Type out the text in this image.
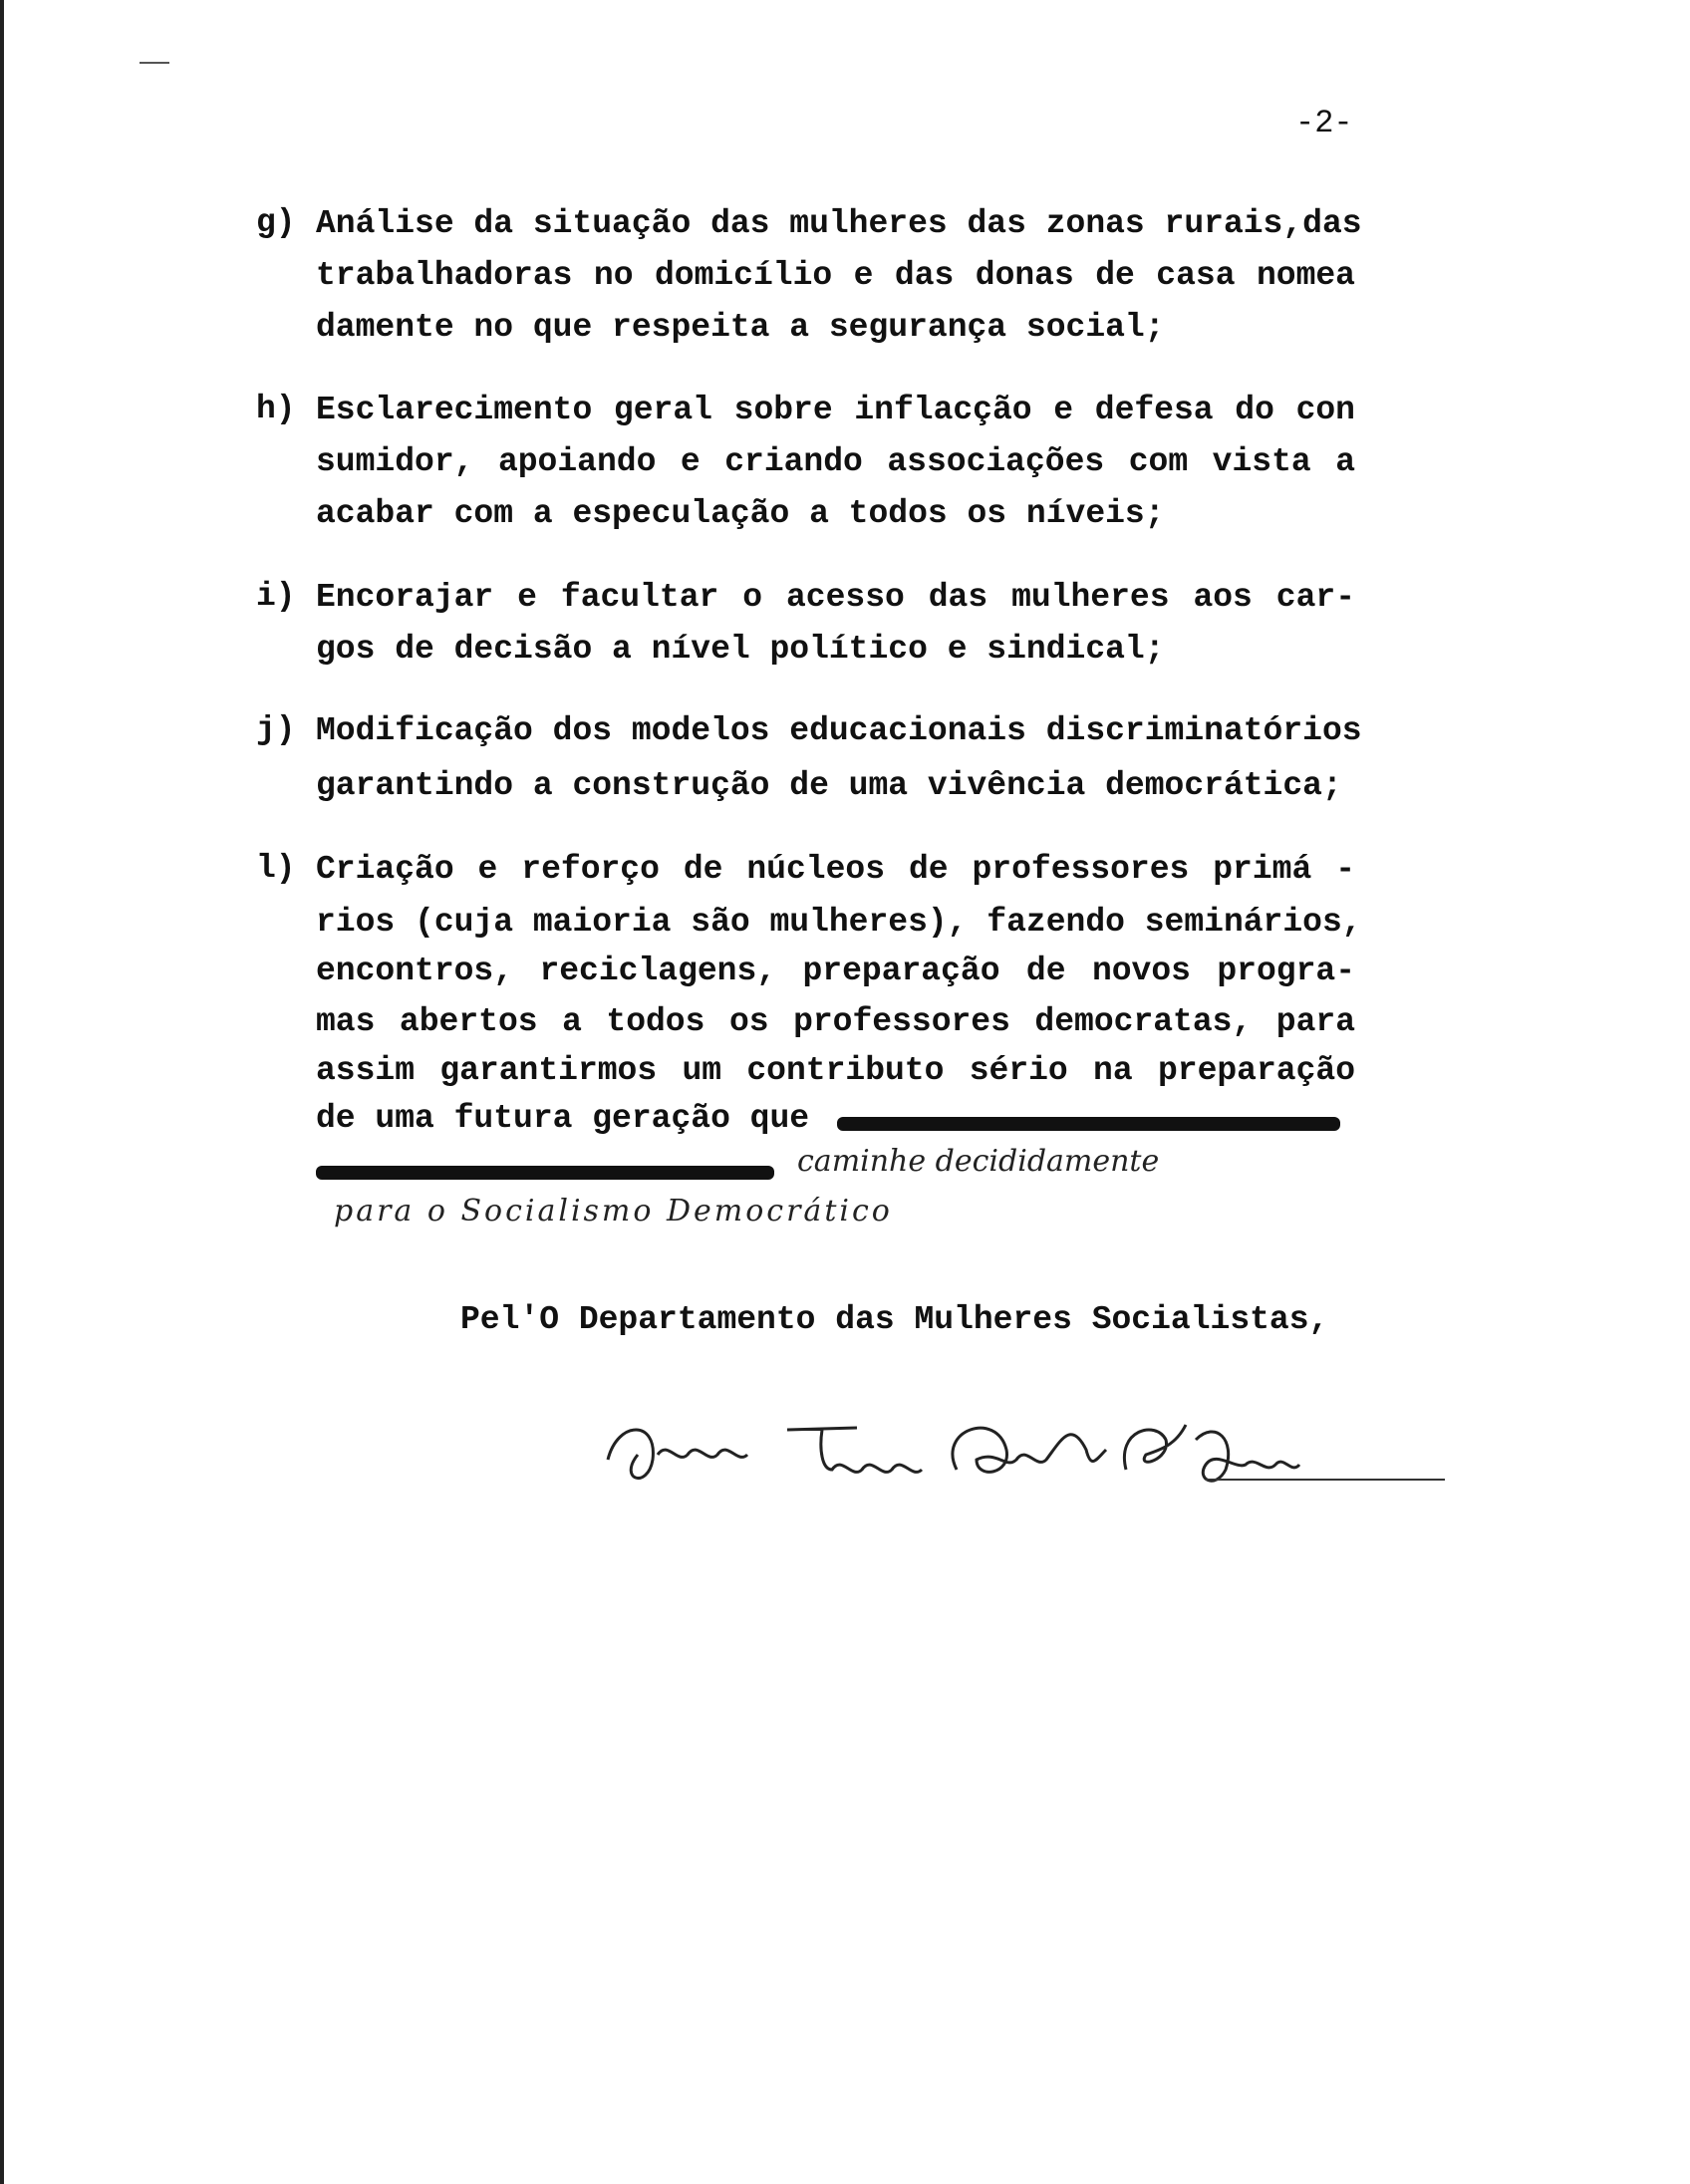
-2-
g) Análise da situação das mulheres das zonas rurais,das
trabalhadoras no domicílio e das donas de casa nomea
damente no que respeita a segurança social;
h) Esclarecimento geral sobre inflacção e defesa do con
sumidor, apoiando e criando associações com vista a
acabar com a especulação a todos os níveis;
i) Encorajar e facultar o acesso das mulheres aos car-
gos de decisão a nível político e sindical;
j) Modificação dos modelos educacionais discriminatórios
garantindo a construção de uma vivência democrática;
l) Criação e reforço de núcleos de professores primá -
rios (cuja maioria são mulheres), fazendo seminários,
encontros, reciclagens, preparação de novos progra-
mas abertos a todos os professores democratas, para
assim garantirmos um contributo sério na preparação
de uma futura geração que
caminhe decididamente
para o Socialismo Democrático
Pel'O Departamento das Mulheres Socialistas,
